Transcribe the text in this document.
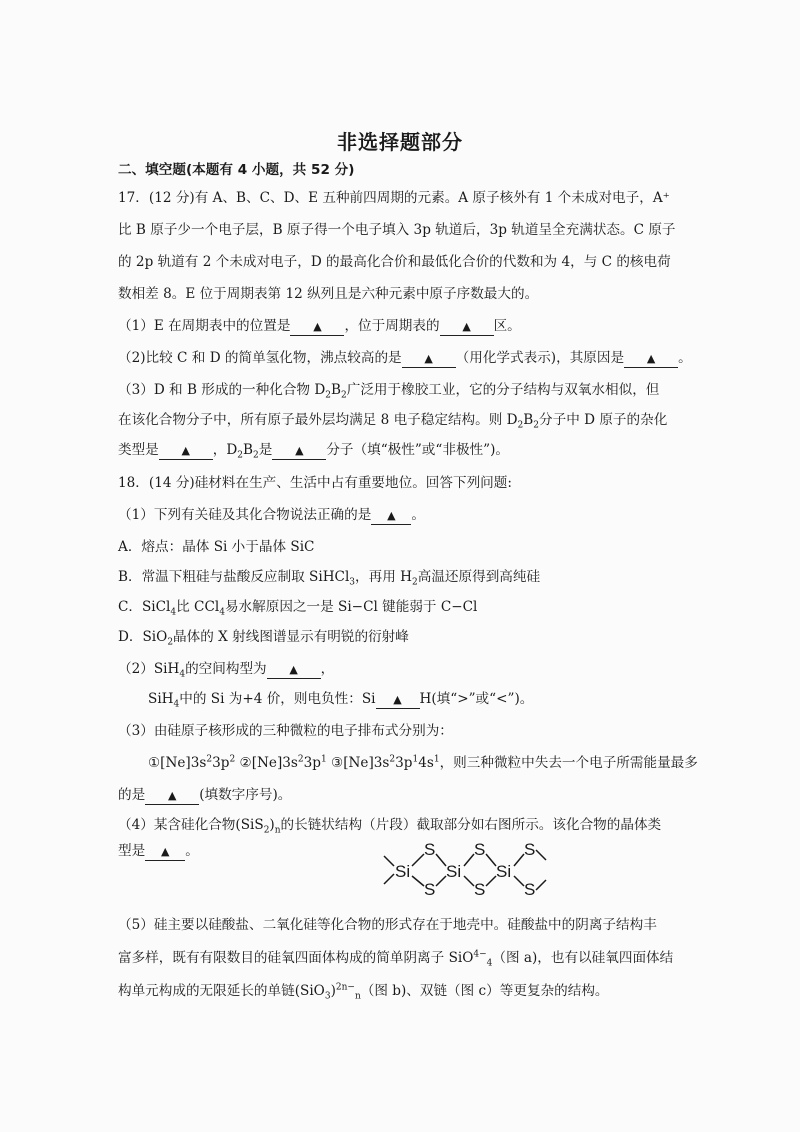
非选择题部分
二、填空题(本题有 4 小题，共 52 分)
17．(12 分)有 A、B、C、D、E 五种前四周期的元素。A 原子核外有 1 个未成对电子，A⁺
比 B 原子少一个电子层，B 原子得一个电子填入 3p 轨道后，3p 轨道呈全充满状态。C 原子
的 2p 轨道有 2 个未成对电子，D 的最高化合价和最低化合价的代数和为 4，与 C 的核电荷
数相差 8。E 位于周期表第 12 纵列且是六种元素中原子序数最大的。
（1）E 在周期表中的位置是 ▲ ，位于周期表的 ▲ 区。
（2)比较 C 和 D 的简单氢化物，沸点较高的是 ▲ （用化学式表示)，其原因是 ▲ 。
（3）D 和 B 形成的一种化合物 $D_2B_2$广泛用于橡胶工业，它的分子结构与双氧水相似，但
在该化合物分子中，所有原子最外层均满足 8 电子稳定结构。则 $D_2B_2$分子中 D 原子的杂化
类型是 ▲ ，$D_2B_2$是 ▲ 分子（填“极性”或“非极性”)。
18．(14 分)硅材料在生产、生活中占有重要地位。回答下列问题:
（1）下列有关硅及其化合物说法正确的是 ▲ 。
A．熔点：晶体 Si 小于晶体 SiC
B．常温下粗硅与盐酸反应制取 SiHCl$_3$，再用 $H_2$高温还原得到高纯硅
C．SiCl$_4$比 CCl$_4$易水解原因之一是 Si−Cl 键能弱于 C−Cl
D．SiO$_2$晶体的 X 射线图谱显示有明锐的衍射峰
（2）SiH$_4$的空间构型为 ▲ ，
SiH$_4$中的 Si 为+4 价，则电负性：Si ▲ H(填“>”或“<”)。
（3）由硅原子核形成的三种微粒的电子排布式分别为：
$①[Ne]3s^23p^2$ $②[Ne]3s^23p^1$ $③[Ne]3s^23p^14s^1$，则三种微粒中失去一个电子所需能量最多
的是 ▲ (填数字序号)。
（4）某含硅化合物$(SiS_2)_n$的长链状结构（片段）截取部分如右图所示。该化合物的晶体类
型是 ▲ 。
Si
S
S
Si
S
S
Si
S
S
（5）硅主要以硅酸盐、二氧化硅等化合物的形式存在于地壳中。硅酸盐中的阴离子结构丰
富多样，既有有限数目的硅氧四面体构成的简单阴离子 SiO$^{4-}_4$（图 a)，也有以硅氧四面体结
构单元构成的无限延长的单链$(SiO_3)^{2n-}_n$（图 b)、双链（图 c）等更复杂的结构。
